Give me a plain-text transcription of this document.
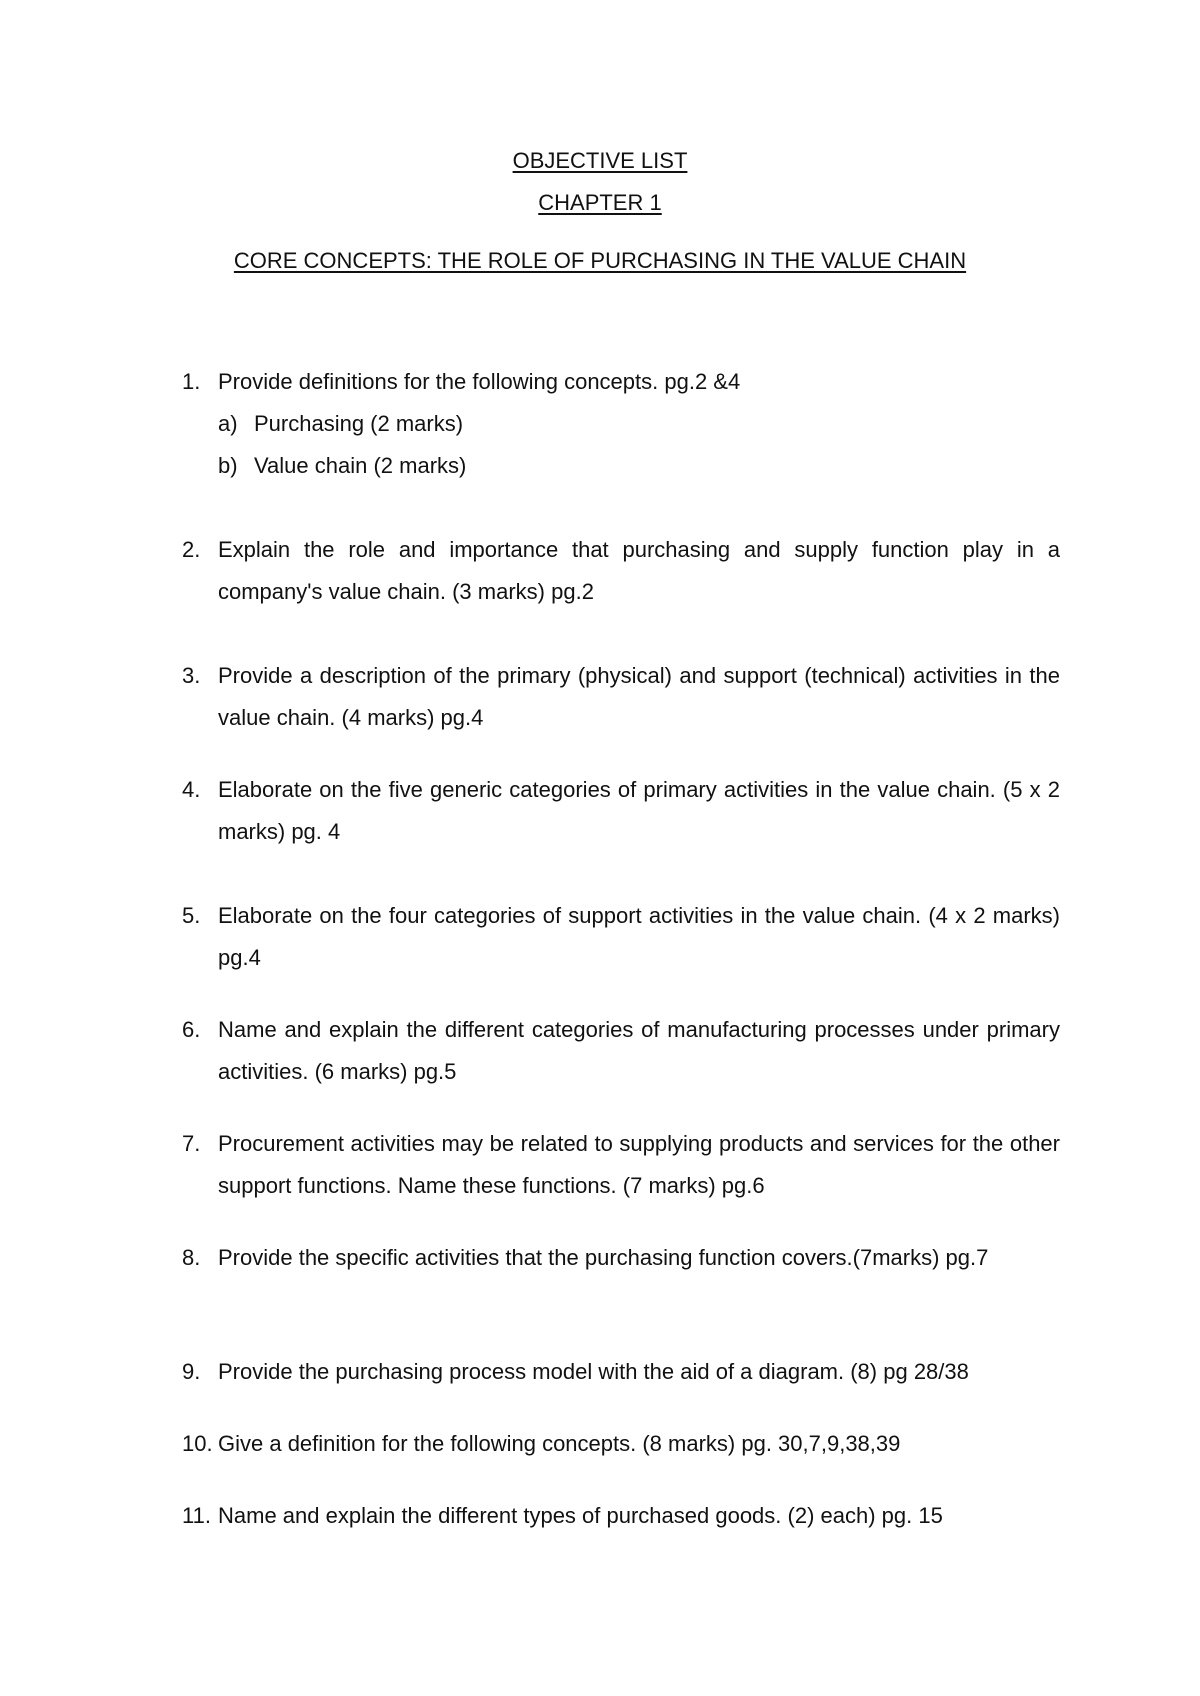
OBJECTIVE LIST
CHAPTER 1
CORE CONCEPTS: THE ROLE OF PURCHASING IN THE VALUE CHAIN
1. Provide definitions for the following concepts. pg.2 &4
a) Purchasing (2 marks)
b) Value chain (2 marks)
2. Explain the role and importance that purchasing and supply function play in a company's value chain. (3 marks) pg.2
3. Provide a description of the primary (physical) and support (technical) activities in the value chain. (4 marks) pg.4
4. Elaborate on the five generic categories of primary activities in the value chain. (5 x 2 marks) pg. 4
5. Elaborate on the four categories of support activities in the value chain. (4 x 2 marks) pg.4
6. Name and explain the different categories of manufacturing processes under primary activities. (6 marks) pg.5
7. Procurement activities may be related to supplying products and services for the other support functions. Name these functions. (7 marks) pg.6
8. Provide the specific activities that the purchasing function covers.(7marks) pg.7
9. Provide the purchasing process model with the aid of a diagram. (8) pg 28/38
10. Give a definition for the following concepts. (8 marks) pg. 30,7,9,38,39
11. Name and explain the different types of purchased goods. (2) each) pg. 15
